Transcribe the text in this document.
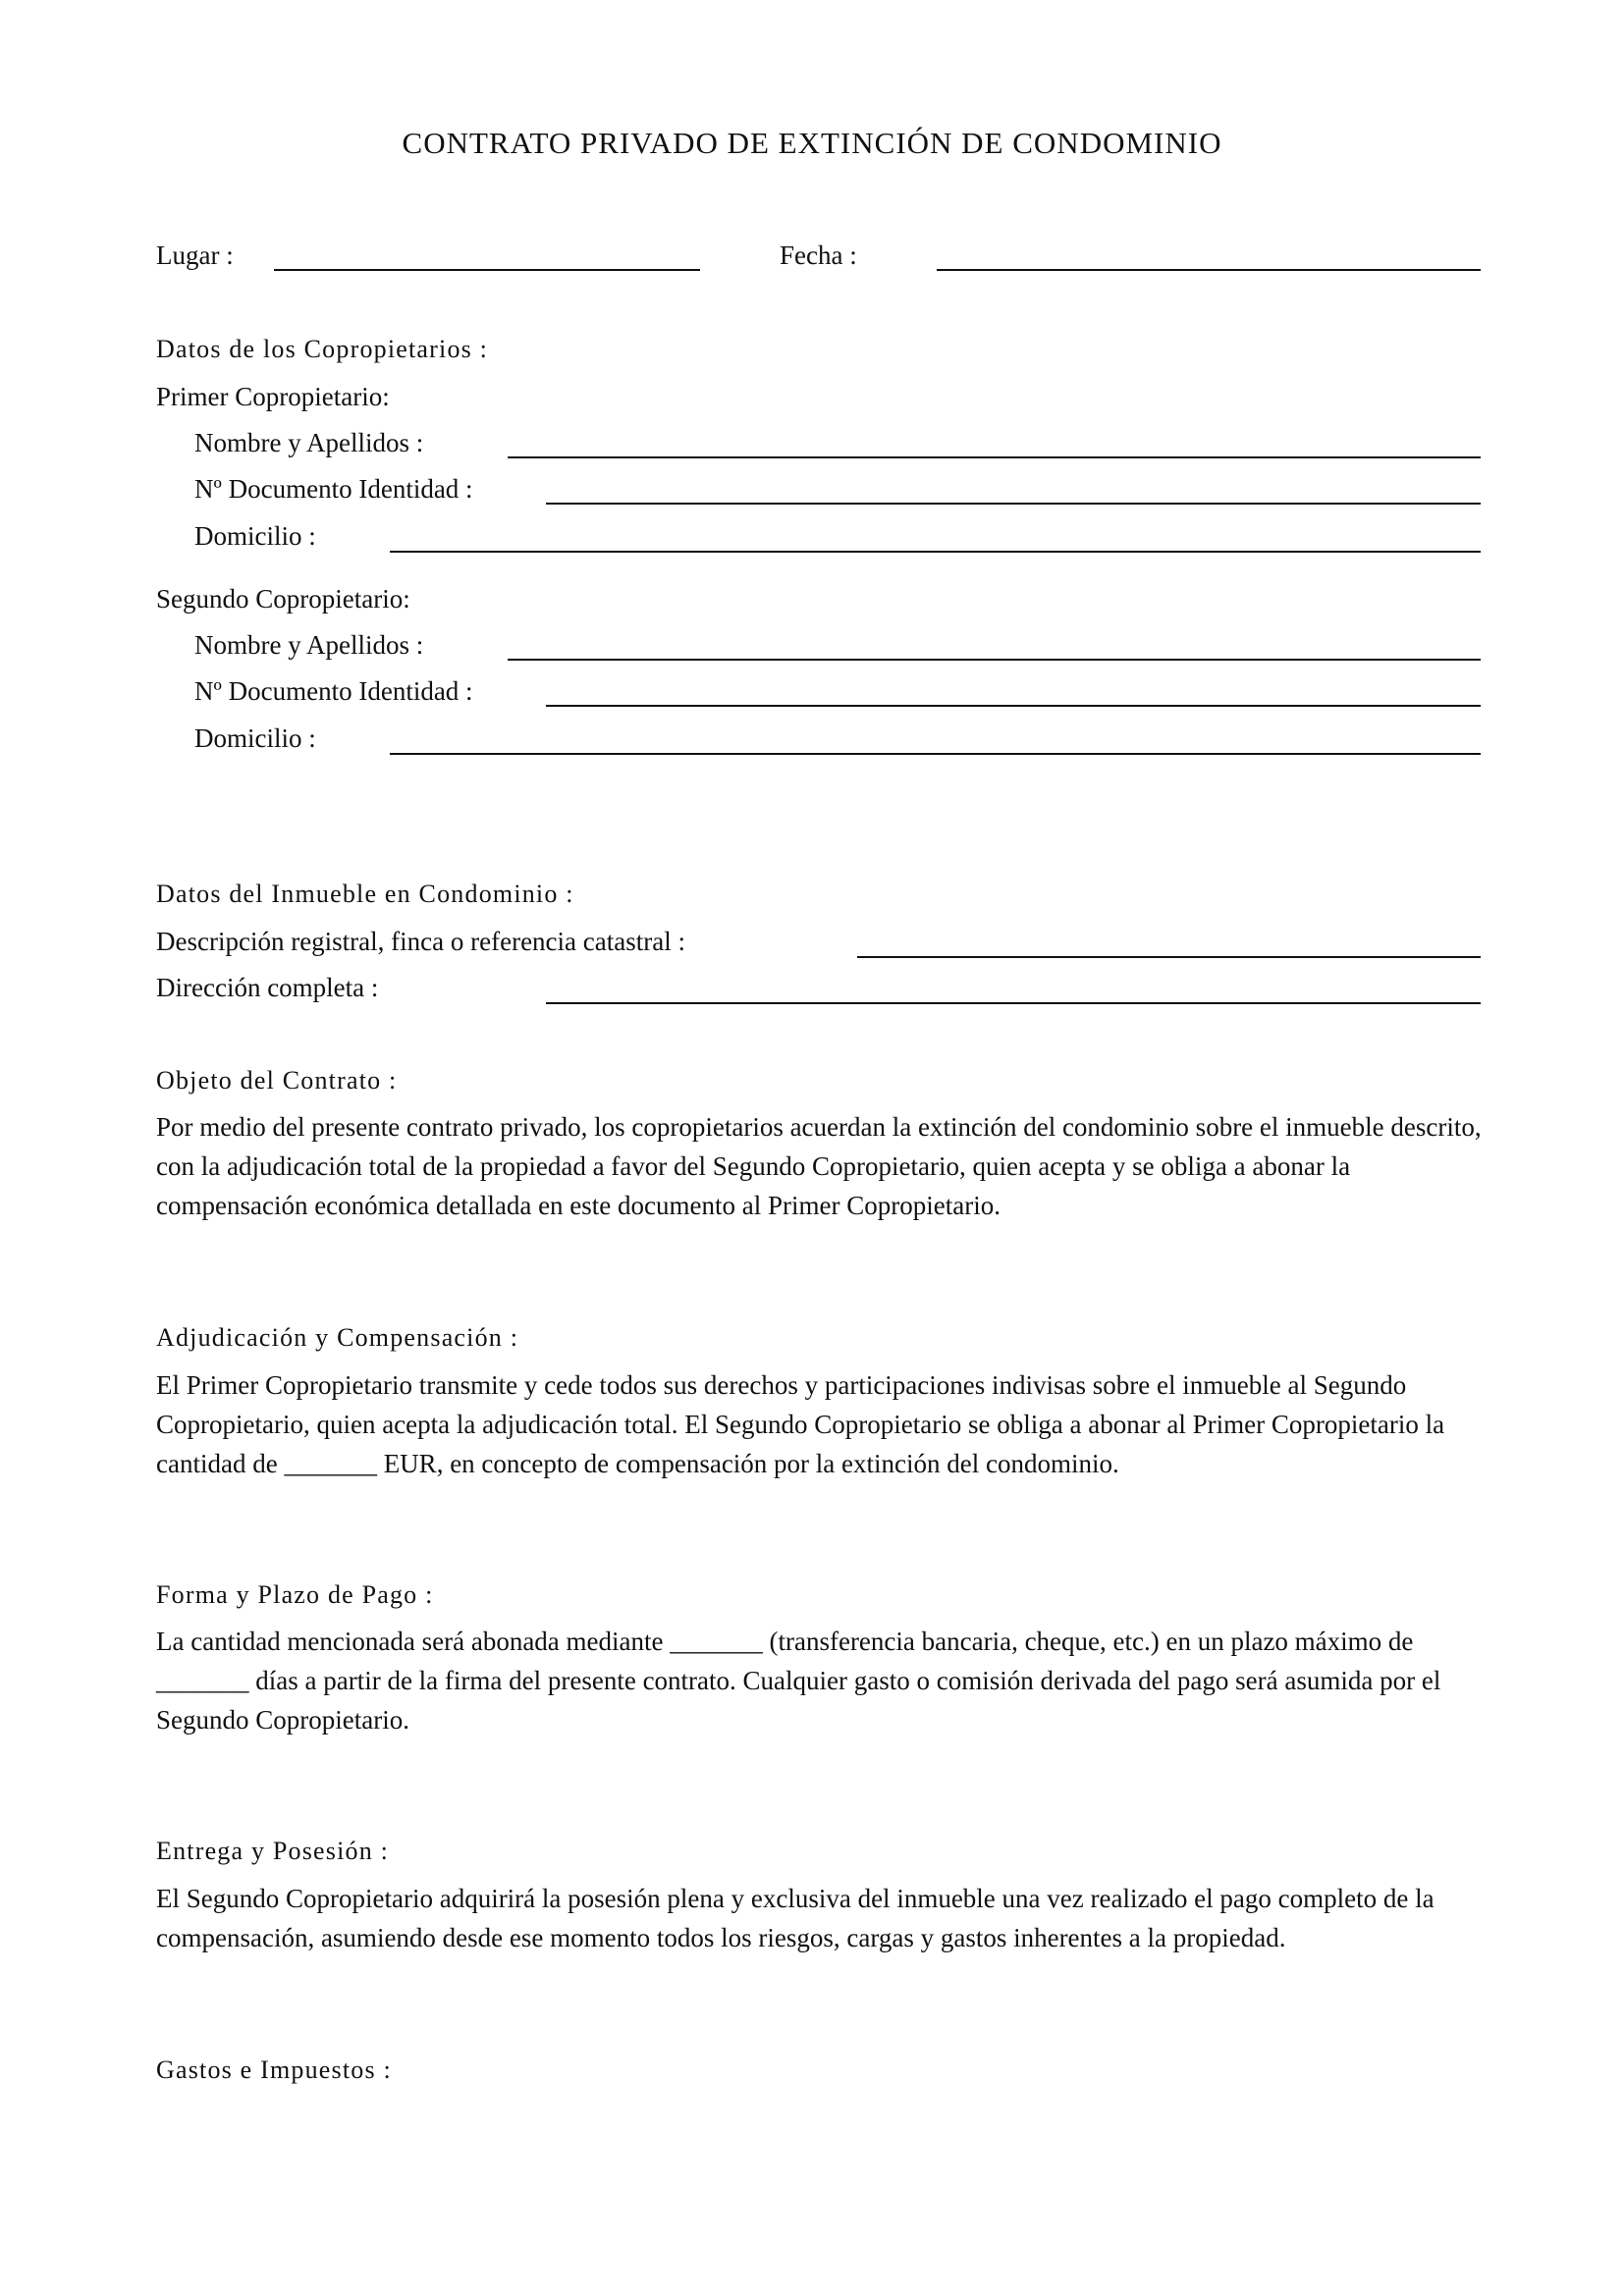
CONTRATO PRIVADO DE EXTINCIÓN DE CONDOMINIO
Lugar :	Fecha :
Datos de los Copropietarios :
Primer Copropietario:
Nombre y Apellidos :
Nº Documento Identidad :
Domicilio :
Segundo Copropietario:
Nombre y Apellidos :
Nº Documento Identidad :
Domicilio :
Datos del Inmueble en Condominio :
Descripción registral, finca o referencia catastral :
Dirección completa :
Objeto del Contrato :
Por medio del presente contrato privado, los copropietarios acuerdan la extinción del condominio sobre el inmueble descrito, con la adjudicación total de la propiedad a favor del Segundo Copropietario, quien acepta y se obliga a abonar la compensación económica detallada en este documento al Primer Copropietario.
Adjudicación y Compensación :
El Primer Copropietario transmite y cede todos sus derechos y participaciones indivisas sobre el inmueble al Segundo Copropietario, quien acepta la adjudicación total. El Segundo Copropietario se obliga a abonar al Primer Copropietario la cantidad de _______ EUR, en concepto de compensación por la extinción del condominio.
Forma y Plazo de Pago :
La cantidad mencionada será abonada mediante _______ (transferencia bancaria, cheque, etc.) en un plazo máximo de _______ días a partir de la firma del presente contrato. Cualquier gasto o comisión derivada del pago será asumida por el Segundo Copropietario.
Entrega y Posesión :
El Segundo Copropietario adquirirá la posesión plena y exclusiva del inmueble una vez realizado el pago completo de la compensación, asumiendo desde ese momento todos los riesgos, cargas y gastos inherentes a la propiedad.
Gastos e Impuestos :
